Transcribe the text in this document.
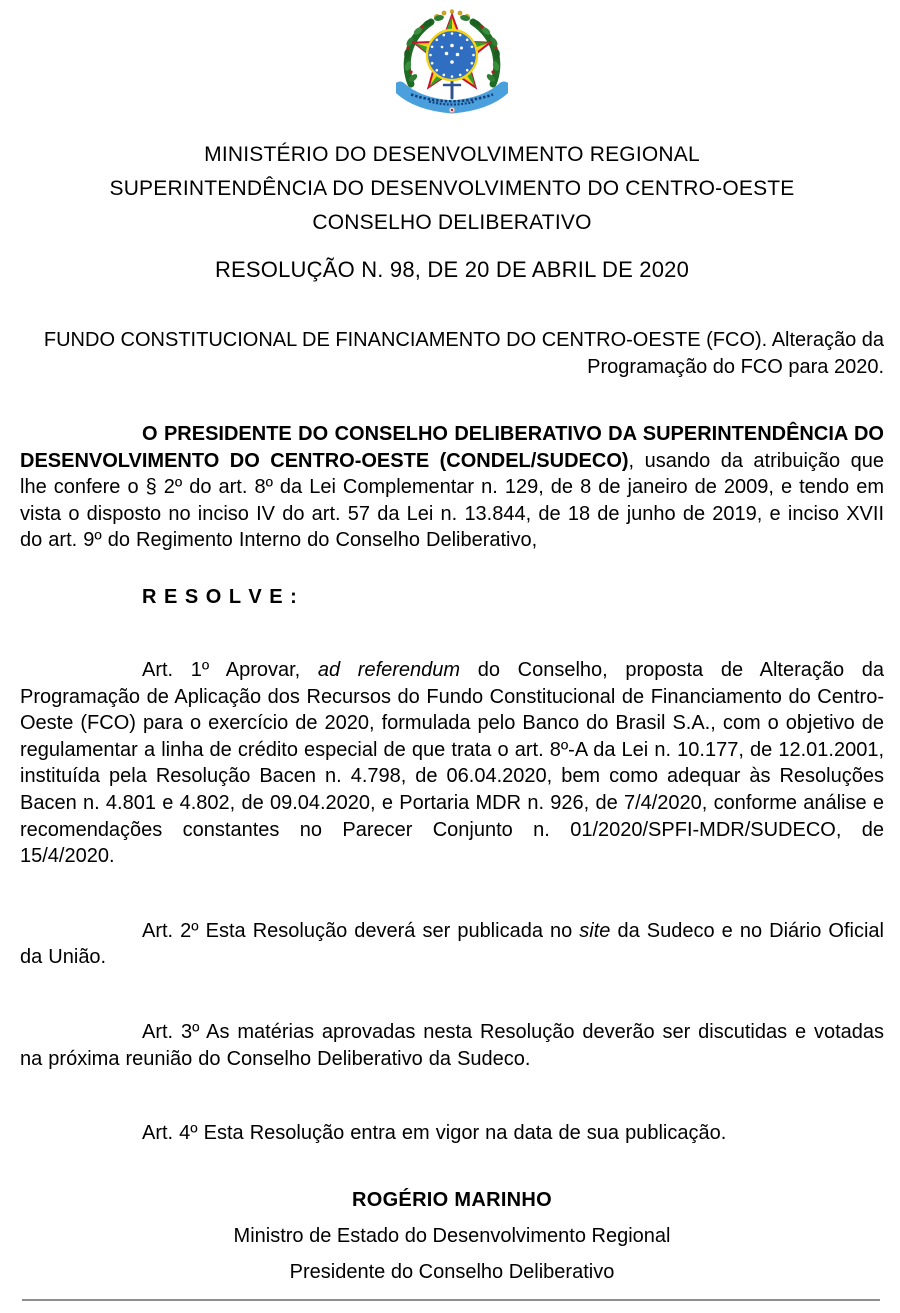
MINISTÉRIO DO DESENVOLVIMENTO REGIONAL
SUPERINTENDÊNCIA DO DESENVOLVIMENTO DO CENTRO-OESTE
CONSELHO DELIBERATIVO
RESOLUÇÃO N. 98, DE 20 DE ABRIL DE 2020

FUNDO CONSTITUCIONAL DE FINANCIAMENTO DO CENTRO-OESTE (FCO). Alteração da Programação do FCO para 2020.

O PRESIDENTE DO CONSELHO DELIBERATIVO DA SUPERINTENDÊNCIA DO DESENVOLVIMENTO DO CENTRO-OESTE (CONDEL/SUDECO), usando da atribuição que lhe confere o § 2º do art. 8º da Lei Complementar n. 129, de 8 de janeiro de 2009, e tendo em vista o disposto no inciso IV do art. 57 da Lei n. 13.844, de 18 de junho de 2019, e inciso XVII do art. 9º do Regimento Interno do Conselho Deliberativo,

R E S O L V E :

Art. 1º Aprovar, ad referendum do Conselho, proposta de Alteração da Programação de Aplicação dos Recursos do Fundo Constitucional de Financiamento do Centro-Oeste (FCO) para o exercício de 2020, formulada pelo Banco do Brasil S.A., com o objetivo de regulamentar a linha de crédito especial de que trata o art. 8º-A da Lei n. 10.177, de 12.01.2001, instituída pela Resolução Bacen n. 4.798, de 06.04.2020, bem como adequar às Resoluções Bacen n. 4.801 e 4.802, de 09.04.2020, e Portaria MDR n. 926, de 7/4/2020, conforme análise e recomendações constantes no Parecer Conjunto n. 01/2020/SPFI-MDR/SUDECO, de 15/4/2020.

Art. 2º Esta Resolução deverá ser publicada no site da Sudeco e no Diário Oficial da União.

Art. 3º As matérias aprovadas nesta Resolução deverão ser discutidas e votadas na próxima reunião do Conselho Deliberativo da Sudeco.

Art. 4º Esta Resolução entra em vigor na data de sua publicação.

ROGÉRIO MARINHO
Ministro de Estado do Desenvolvimento Regional
Presidente do Conselho Deliberativo
